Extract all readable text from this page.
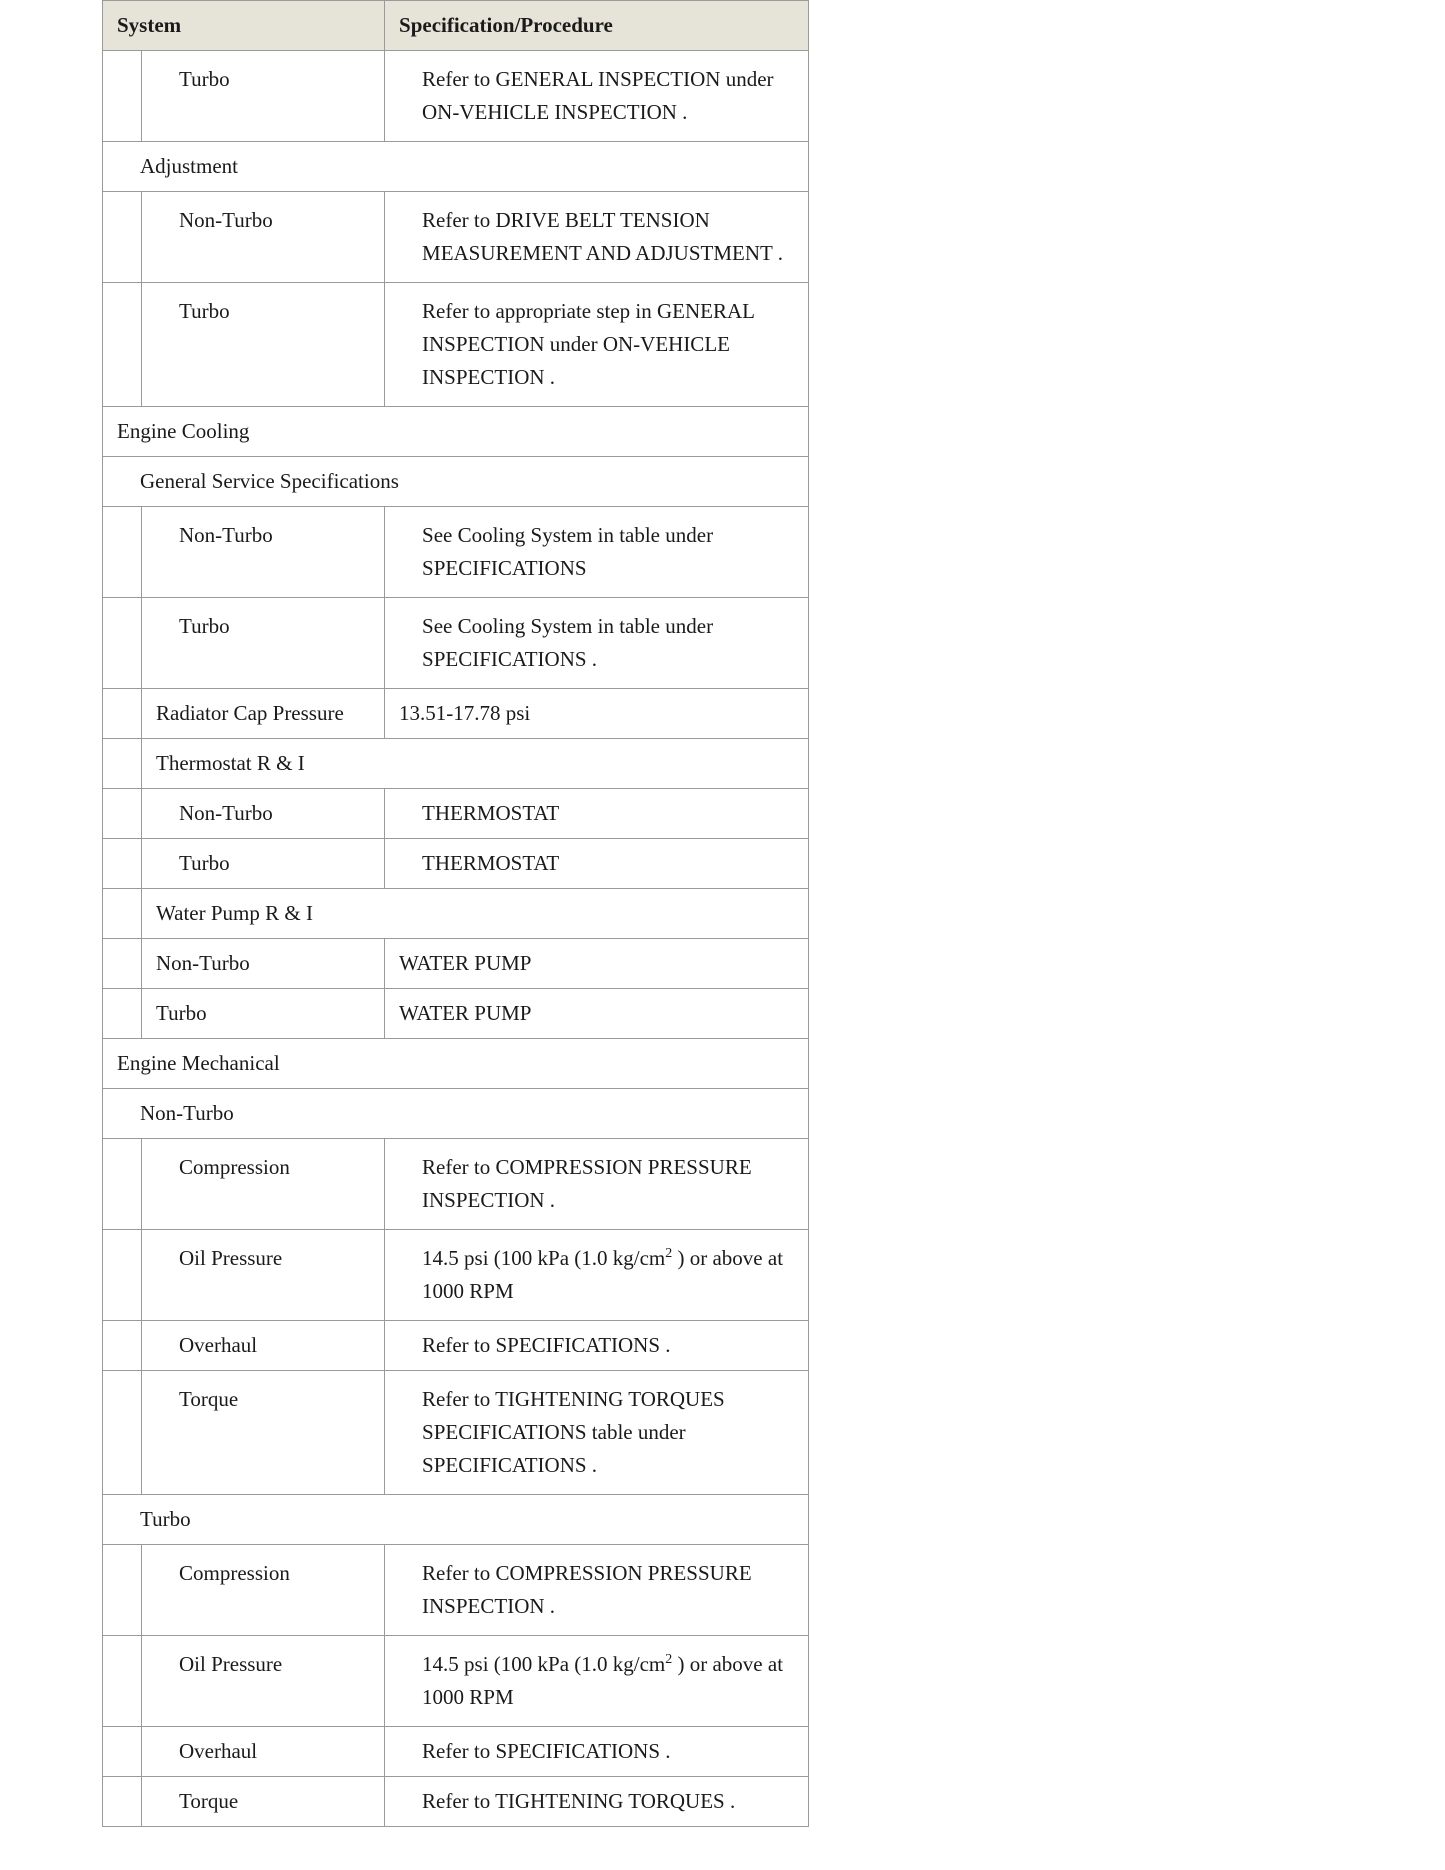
System		Specification/Procedure
	Turbo	Refer to GENERAL INSPECTION under ON-VEHICLE INSPECTION .
Adjustment		
	Non-Turbo	Refer to DRIVE BELT TENSION MEASUREMENT AND ADJUSTMENT .
	Turbo	Refer to appropriate step in GENERAL INSPECTION under ON-VEHICLE INSPECTION .
Engine Cooling		
General Service Specifications		
	Non-Turbo	See Cooling System in table under SPECIFICATIONS
	Turbo	See Cooling System in table under SPECIFICATIONS .
	Radiator Cap Pressure	13.51-17.78 psi
	Thermostat R & I	
	Non-Turbo	THERMOSTAT
	Turbo	THERMOSTAT
	Water Pump R & I	
	Non-Turbo	WATER PUMP
	Turbo	WATER PUMP
Engine Mechanical		
Non-Turbo		
	Compression	Refer to COMPRESSION PRESSURE INSPECTION .
	Oil Pressure	14.5 psi (100 kPa (1.0 $kg/cm^2$ ) or above at 1000 RPM
	Overhaul	Refer to SPECIFICATIONS .
	Torque	Refer to TIGHTENING TORQUES SPECIFICATIONS table under SPECIFICATIONS .
Turbo		
	Compression	Refer to COMPRESSION PRESSURE INSPECTION .
	Oil Pressure	14.5 psi (100 kPa (1.0 $kg/cm^2$ ) or above at 1000 RPM
	Overhaul	Refer to SPECIFICATIONS .
	Torque	Refer to TIGHTENING TORQUES .
